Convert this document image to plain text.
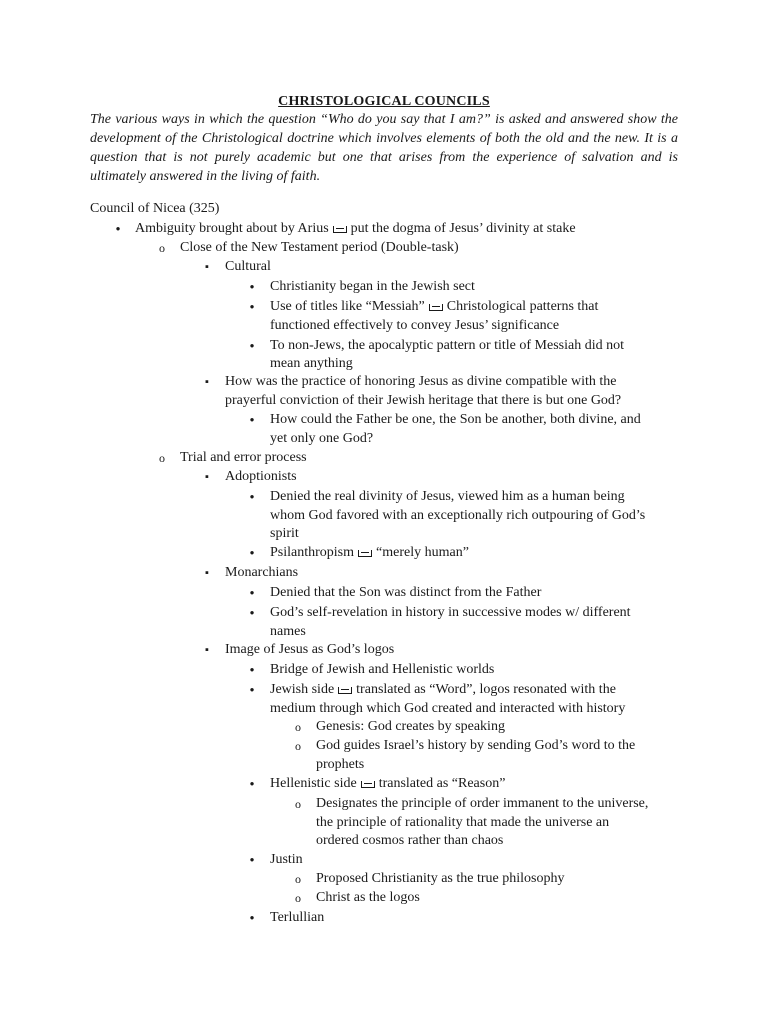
CHRISTOLOGICAL COUNCILS
The various ways in which the question “Who do you say that I am?” is asked and answered show the development of the Christological doctrine which involves elements of both the old and the new. It is a question that is not purely academic but one that arises from the experience of salvation and is ultimately answered in the living of faith.
Council of Nicea (325)
●
Ambiguity brought about by Arius put the dogma of Jesus’ divinity at stake
o
Close of the New Testament period (Double-task)
▪
Cultural
●
Christianity began in the Jewish sect
●
Use of titles like “Messiah” Christological patterns that
functioned effectively to convey Jesus’ significance
●
To non-Jews, the apocalyptic pattern or title of Messiah did not
mean anything
▪
How was the practice of honoring Jesus as divine compatible with the
prayerful conviction of their Jewish heritage that there is but one God?
●
How could the Father be one, the Son be another, both divine, and
yet only one God?
o
Trial and error process
▪
Adoptionists
●
Denied the real divinity of Jesus, viewed him as a human being
whom God favored with an exceptionally rich outpouring of God’s
spirit
●
Psilanthropism “merely human”
▪
Monarchians
●
Denied that the Son was distinct from the Father
●
God’s self-revelation in history in successive modes w/ different
names
▪
Image of Jesus as God’s logos
●
Bridge of Jewish and Hellenistic worlds
●
Jewish side translated as “Word”, logos resonated with the
medium through which God created and interacted with history
o
Genesis: God creates by speaking
o
God guides Israel’s history by sending God’s word to the
prophets
●
Hellenistic side translated as “Reason”
o
Designates the principle of order immanent to the universe,
the principle of rationality that made the universe an
ordered cosmos rather than chaos
●
Justin
o
Proposed Christianity as the true philosophy
o
Christ as the logos
●
Terlullian
